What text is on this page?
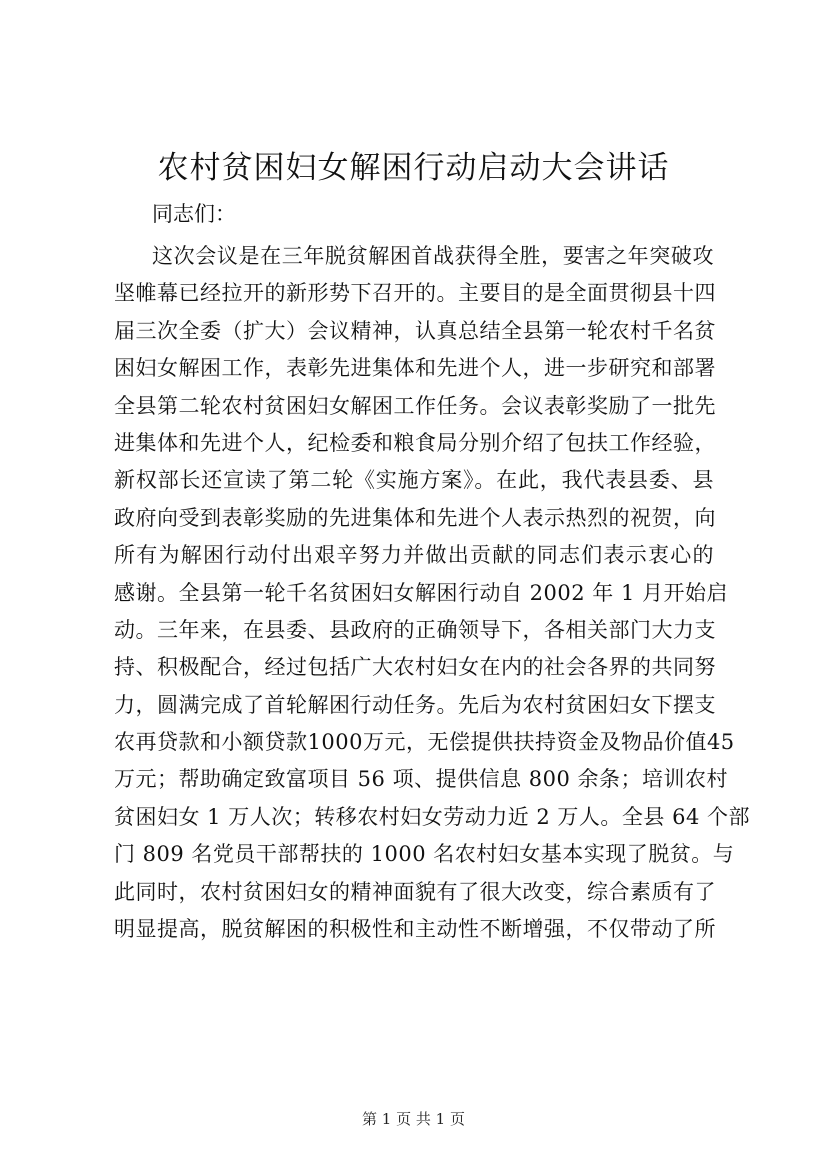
农村贫困妇女解困行动启动大会讲话

同志们：

这次会议是在三年脱贫解困首战获得全胜，要害之年突破攻
坚帷幕已经拉开的新形势下召开的。主要目的是全面贯彻县十四
届三次全委（扩大）会议精神，认真总结全县第一轮农村千名贫
困妇女解困工作，表彰先进集体和先进个人，进一步研究和部署
全县第二轮农村贫困妇女解困工作任务。会议表彰奖励了一批先
进集体和先进个人，纪检委和粮食局分别介绍了包扶工作经验，
新权部长还宣读了第二轮《实施方案》。在此，我代表县委、县
政府向受到表彰奖励的先进集体和先进个人表示热烈的祝贺，向
所有为解困行动付出艰辛努力并做出贡献的同志们表示衷心的
感谢。全县第一轮千名贫困妇女解困行动自 2002 年 1 月开始启
动。三年来，在县委、县政府的正确领导下，各相关部门大力支
持、积极配合，经过包括广大农村妇女在内的社会各界的共同努
力，圆满完成了首轮解困行动任务。先后为农村贫困妇女下摆支
农再贷款和小额贷款1000万元，无偿提供扶持资金及物品价值45
万元；帮助确定致富项目 56 项、提供信息 800 余条；培训农村
贫困妇女 1 万人次；转移农村妇女劳动力近 2 万人。全县 64 个部
门 809 名党员干部帮扶的 1000 名农村妇女基本实现了脱贫。与
此同时，农村贫困妇女的精神面貌有了很大改变，综合素质有了
明显提高，脱贫解困的积极性和主动性不断增强，不仅带动了所

第 1 页 共 1 页
